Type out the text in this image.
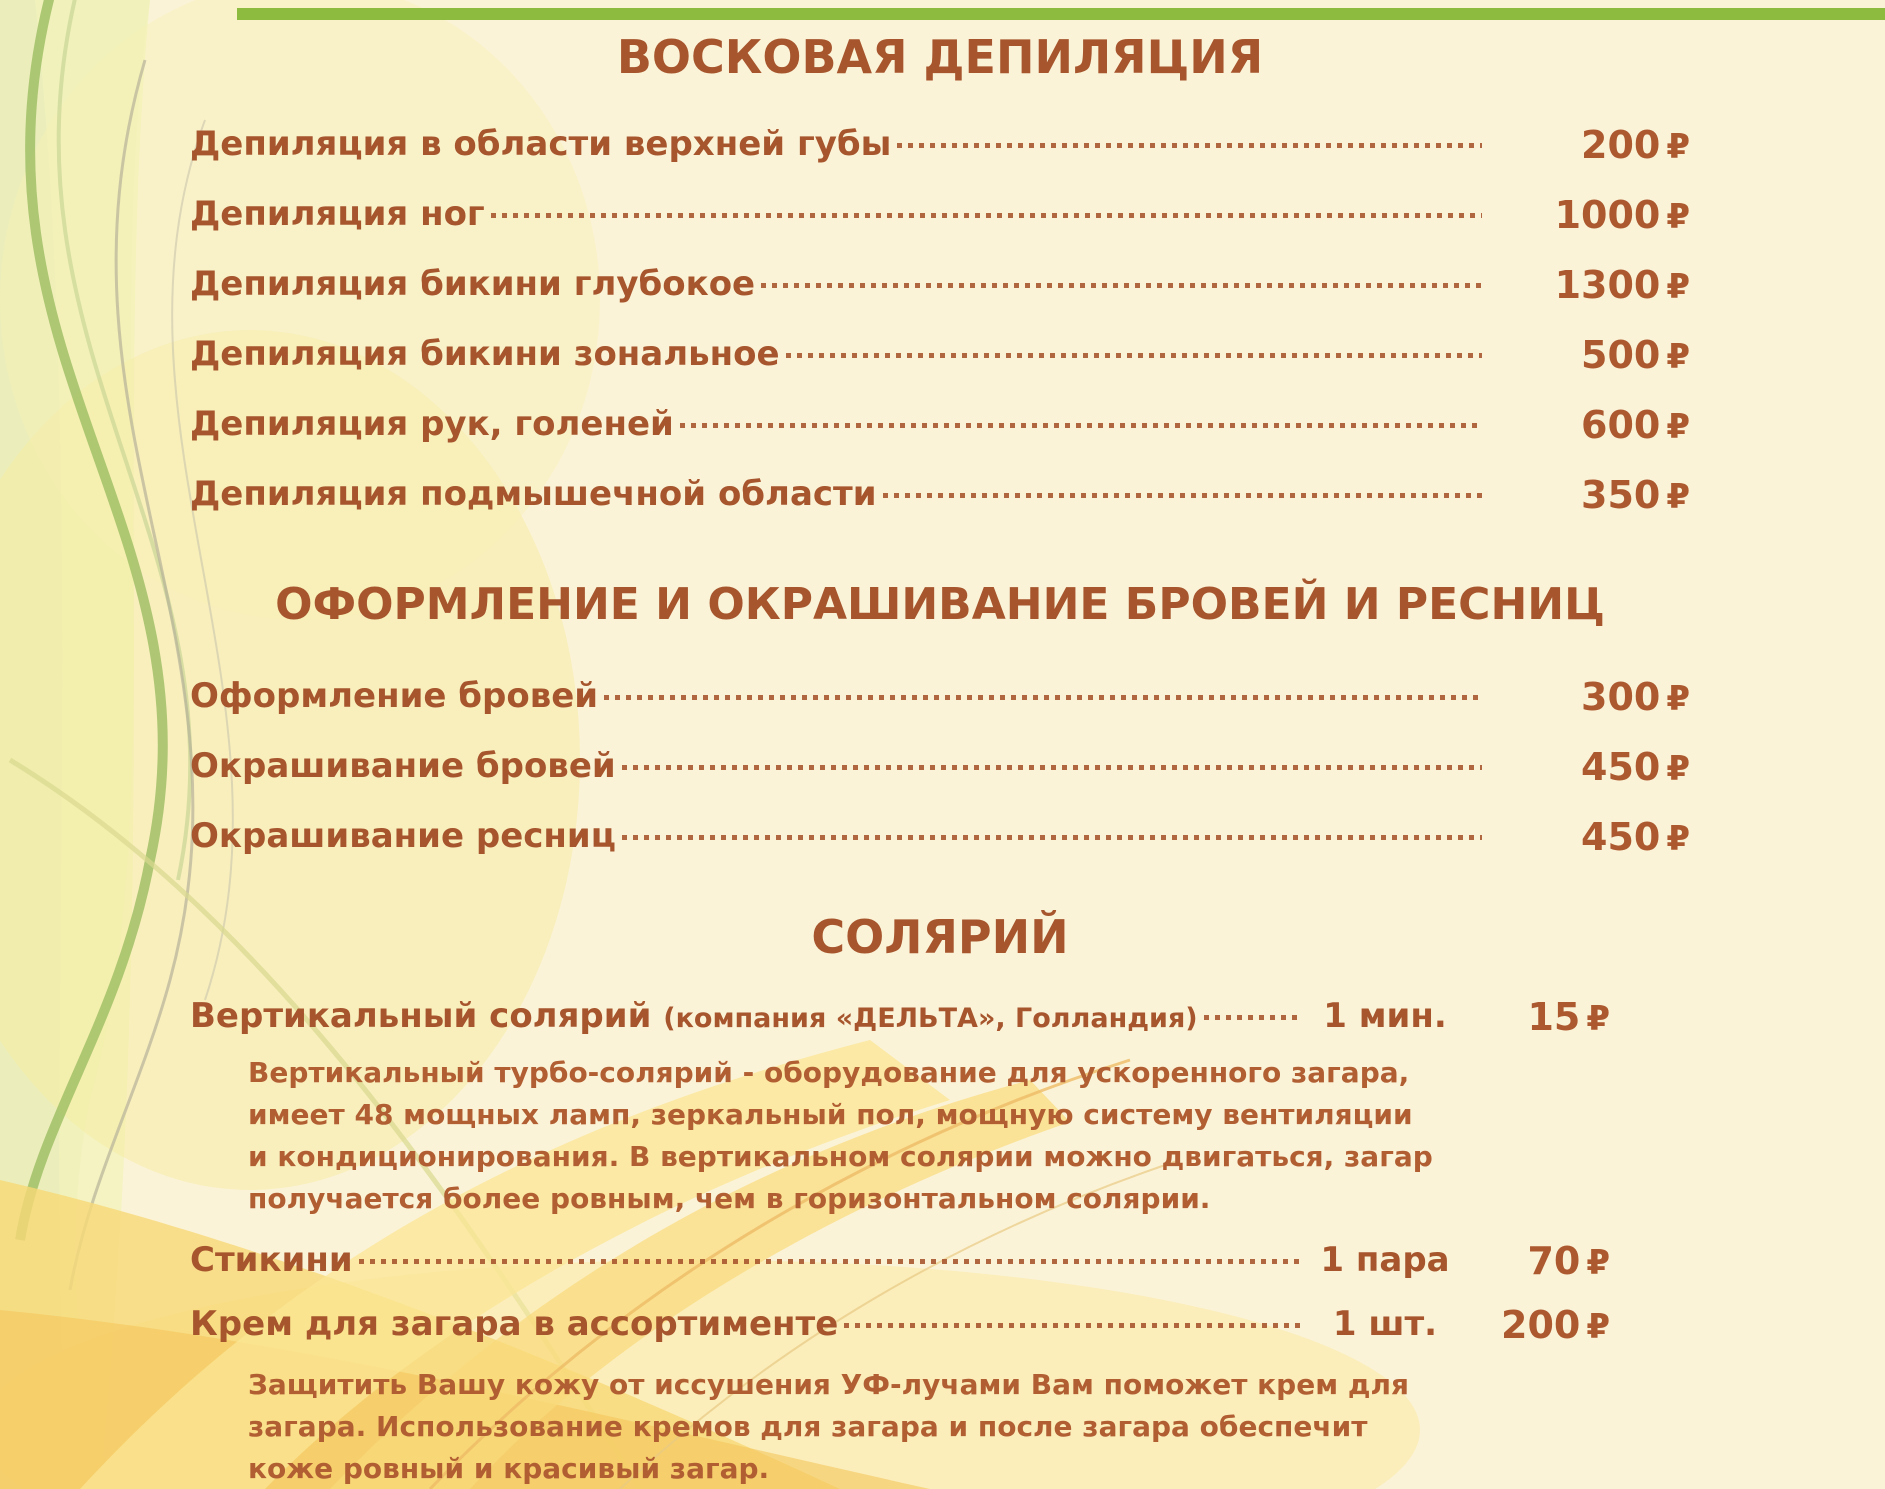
ВОСКОВАЯ ДЕПИЛЯЦИЯ
Депиляция в области верхней губы	200 ₽
Депиляция ног	1000 ₽
Депиляция бикини глубокое	1300 ₽
Депиляция бикини зональное	500 ₽
Депиляция рук, голеней	600 ₽
Депиляция подмышечной области	350 ₽
ОФОРМЛЕНИЕ И ОКРАШИВАНИЕ БРОВЕЙ И РЕСНИЦ
Оформление бровей	300 ₽
Окрашивание бровей	450 ₽
Окрашивание ресниц	450 ₽
СОЛЯРИЙ
Вертикальный солярий (компания «ДЕЛЬТА», Голландия)	1 мин.	15 ₽

Вертикальный турбо-солярий - оборудование для ускоренного загара, имеет 48 мощных ламп, зеркальный пол, мощную систему вентиляции и кондиционирования. В вертикальном солярии можно двигаться, загар получается более ровным, чем в горизонтальном солярии.

Стикини	1 пара 70 ₽
Крем для загара в ассортименте	1 шт.	200 ₽

Защитить Вашу кожу от иссушения УФ-лучами Вам поможет крем для загара. Использование кремов для загара и после загара обеспечит коже ровный и красивый загар.
